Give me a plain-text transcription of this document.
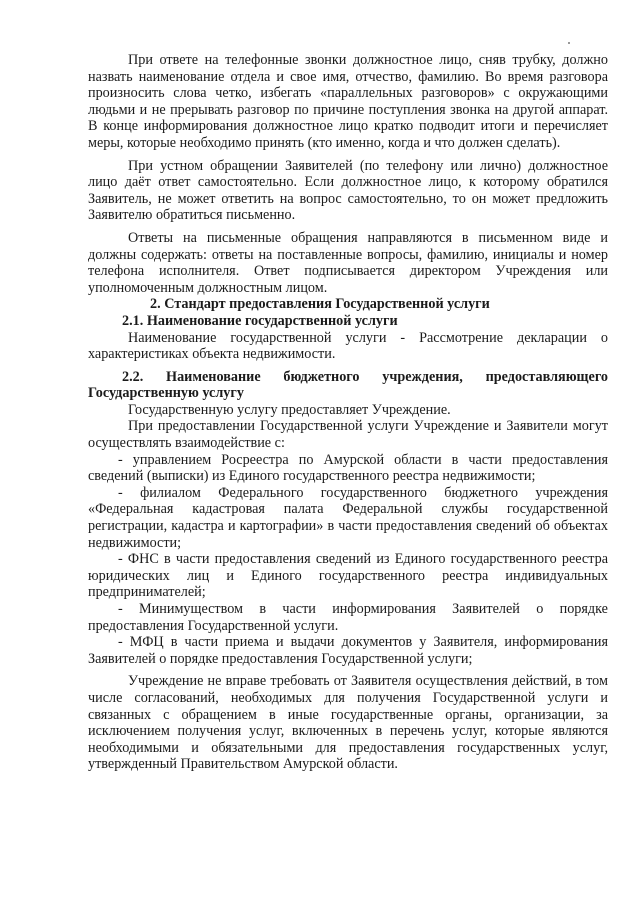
При ответе на телефонные звонки должностное лицо, сняв трубку, должно назвать наименование отдела и свое имя, отчество, фамилию. Во время разговора произносить слова четко, избегать «параллельных разговоров» с окружающими людьми и не прерывать разговор по причине поступления звонка на другой аппарат. В конце информирования должностное лицо кратко подводит итоги и перечисляет меры, которые необходимо принять (кто именно, когда и что должен сделать).

При устном обращении Заявителей (по телефону или лично) должностное лицо даёт ответ самостоятельно. Если должностное лицо, к которому обратился Заявитель, не может ответить на вопрос самостоятельно, то он может предложить Заявителю обратиться письменно.

Ответы на письменные обращения направляются в письменном виде и должны содержать: ответы на поставленные вопросы, фамилию, инициалы и номер телефона исполнителя. Ответ подписывается директором Учреждения или уполномоченным должностным лицом.

2. Стандарт предоставления Государственной услуги

2.1. Наименование государственной услуги

Наименование государственной услуги - Рассмотрение декларации о характеристиках объекта недвижимости.

2.2. Наименование бюджетного учреждения, предоставляющего Государственную услугу

Государственную услугу предоставляет Учреждение.

При предоставлении Государственной услуги Учреждение и Заявители могут осуществлять взаимодействие с:

- управлением Росреестра по Амурской области в части предоставления сведений (выписки) из Единого государственного реестра недвижимости;

- филиалом Федерального государственного бюджетного учреждения «Федеральная кадастровая палата Федеральной службы государственной регистрации, кадастра и картографии» в части предоставления сведений об объектах недвижимости;

- ФНС в части предоставления сведений из Единого государственного реестра юридических лиц и Единого государственного реестра индивидуальных предпринимателей;

- Минимуществом в части информирования Заявителей о порядке предоставления Государственной услуги.

- МФЦ в части приема и выдачи документов у Заявителя, информирования Заявителей о порядке предоставления Государственной услуги;

Учреждение не вправе требовать от Заявителя осуществления действий, в том числе согласований, необходимых для получения Государственной услуги и связанных с обращением в иные государственные органы, организации, за исключением получения услуг, включенных в перечень услуг, которые являются необходимыми и обязательными для предоставления государственных услуг, утвержденный Правительством Амурской области.
